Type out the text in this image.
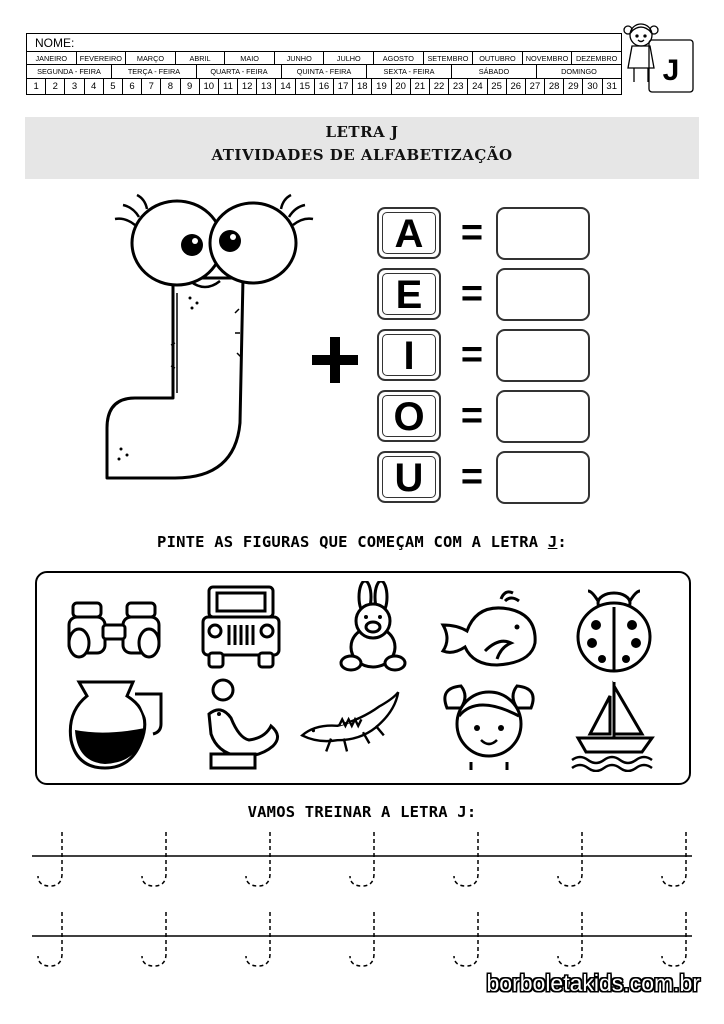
NOME:
JANEIRO	FEVEREIRO	MARÇO	ABRIL	MAIO	JUNHO	JULHO	AGOSTO	SETEMBRO	OUTUBRO	NOVEMBRO	DEZEMBRO
SEGUNDA - FEIRA	TERÇA - FEIRA	QUARTA - FEIRA	QUINTA - FEIRA	SEXTA - FEIRA	SÁBADO	DOMINGO
1	2	3	4	5	6	7	8	9	10 11 12 13 14 15 16 17 18 19 20 21 22 23 24 25 26 27 28 29 30 31 J
LETRA J
ATIVIDADES DE ALFABETIZAÇÃO
A
E
I
O
U
=
=
=
=
=
PINTE AS FIGURAS QUE COMEÇAM COM A LETRA J:
VAMOS TREINAR A LETRA J:
borboletakids.com.br
